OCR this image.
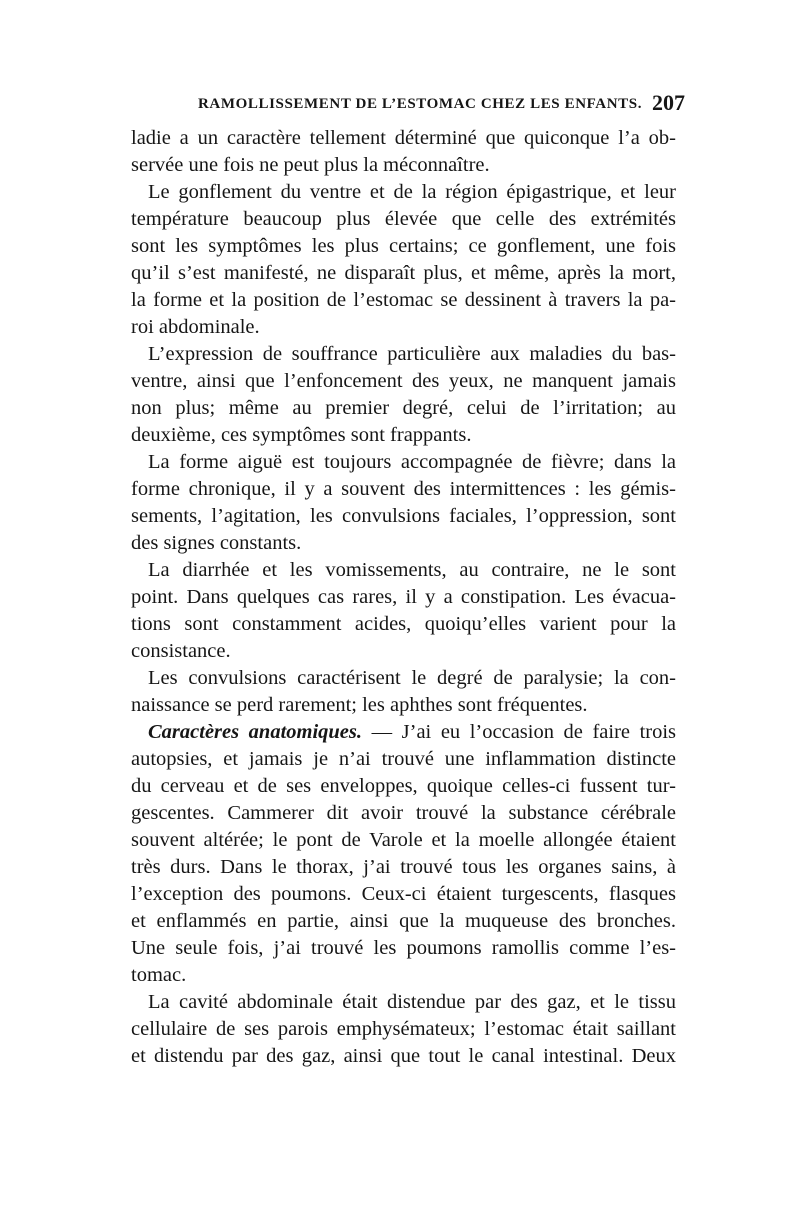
RAMOLLISSEMENT DE L’ESTOMAC CHEZ LES ENFANTS. 207
ladie a un caractère tellement déterminé que quiconque l’a ob-
servée une fois ne peut plus la méconnaître.
Le gonflement du ventre et de la région épigastrique, et leur
température beaucoup plus élevée que celle des extrémités
sont les symptômes les plus certains; ce gonflement, une fois
qu’il s’est manifesté, ne disparaît plus, et même, après la mort,
la forme et la position de l’estomac se dessinent à travers la pa-
roi abdominale.
L’expression de souffrance particulière aux maladies du bas-
ventre, ainsi que l’enfoncement des yeux, ne manquent jamais
non plus; même au premier degré, celui de l’irritation; au
deuxième, ces symptômes sont frappants.
La forme aiguë est toujours accompagnée de fièvre; dans la
forme chronique, il y a souvent des intermittences : les gémis-
sements, l’agitation, les convulsions faciales, l’oppression, sont
des signes constants.
La diarrhée et les vomissements, au contraire, ne le sont
point. Dans quelques cas rares, il y a constipation. Les évacua-
tions sont constamment acides, quoiqu’elles varient pour la
consistance.
Les convulsions caractérisent le degré de paralysie; la con-
naissance se perd rarement; les aphthes sont fréquentes.
Caractères anatomiques. — J’ai eu l’occasion de faire trois
autopsies, et jamais je n’ai trouvé une inflammation distincte
du cerveau et de ses enveloppes, quoique celles-ci fussent tur-
gescentes. Cammerer dit avoir trouvé la substance cérébrale
souvent altérée; le pont de Varole et la moelle allongée étaient
très durs. Dans le thorax, j’ai trouvé tous les organes sains, à
l’exception des poumons. Ceux-ci étaient turgescents, flasques
et enflammés en partie, ainsi que la muqueuse des bronches.
Une seule fois, j’ai trouvé les poumons ramollis comme l’es-
tomac.
La cavité abdominale était distendue par des gaz, et le tissu
cellulaire de ses parois emphysémateux; l’estomac était saillant
et distendu par des gaz, ainsi que tout le canal intestinal. Deux
